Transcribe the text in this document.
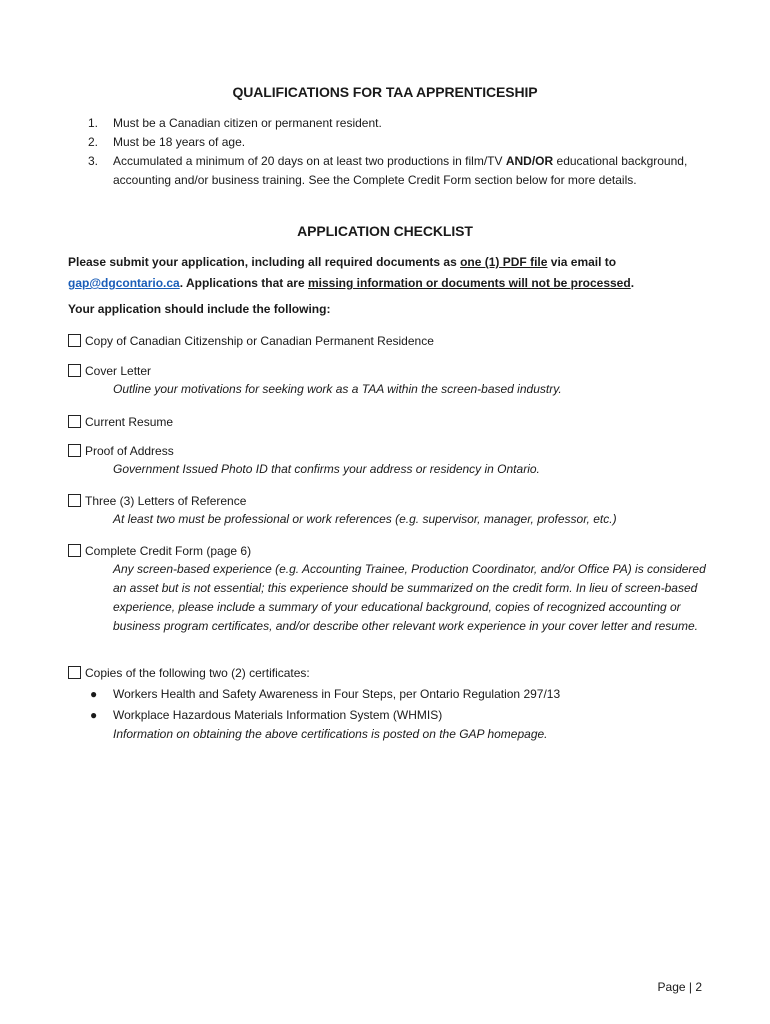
QUALIFICATIONS FOR TAA APPRENTICESHIP
1. Must be a Canadian citizen or permanent resident.
2. Must be 18 years of age.
3. Accumulated a minimum of 20 days on at least two productions in film/TV AND/OR educational background, accounting and/or business training. See the Complete Credit Form section below for more details.
APPLICATION CHECKLIST

Please submit your application, including all required documents as one (1) PDF file via email to gap@dgcontario.ca. Applications that are missing information or documents will not be processed.

Your application should include the following:

Copy of Canadian Citizenship or Canadian Permanent Residence
Cover Letter
Outline your motivations for seeking work as a TAA within the screen-based industry.
Current Resume
Proof of Address
Government Issued Photo ID that confirms your address or residency in Ontario.
Three (3) Letters of Reference
At least two must be professional or work references (e.g. supervisor, manager, professor, etc.)
Complete Credit Form (page 6)
Any screen-based experience (e.g. Accounting Trainee, Production Coordinator, and/or Office PA) is considered an asset but is not essential; this experience should be summarized on the credit form. In lieu of screen-based experience, please include a summary of your educational background, copies of recognized accounting or business program certificates, and/or describe other relevant work experience in your cover letter and resume.
Copies of the following two (2) certificates:
● Workers Health and Safety Awareness in Four Steps, per Ontario Regulation 297/13
● Workplace Hazardous Materials Information System (WHMIS)
Information on obtaining the above certifications is posted on the GAP homepage.

Page | 2
